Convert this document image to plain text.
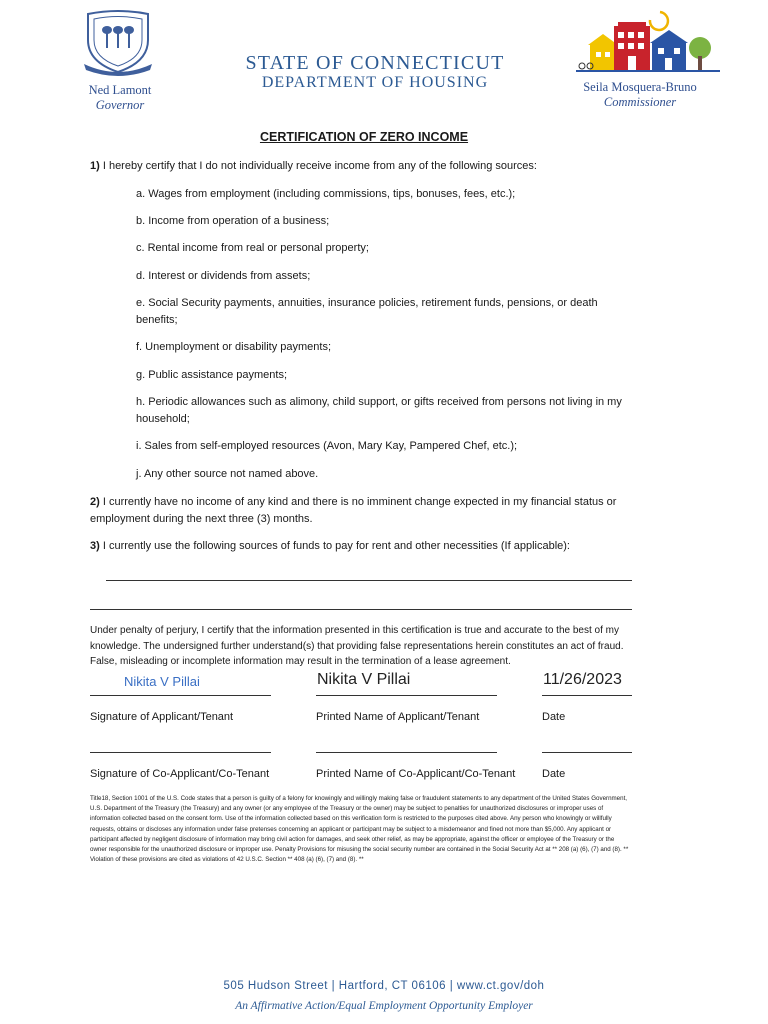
Ned Lamont
Governor
STATE OF CONNECTICUT
DEPARTMENT OF HOUSING	Seila Mosquera-Bruno
Commissioner
CERTIFICATION OF ZERO INCOME
1) I hereby certify that I do not individually receive income from any of the following sources:
a. Wages from employment (including commissions, tips, bonuses, fees, etc.);
b. Income from operation of a business;
c. Rental income from real or personal property;
d. Interest or dividends from assets;
e. Social Security payments, annuities, insurance policies, retirement funds, pensions, or death benefits;
f. Unemployment or disability payments;
g. Public assistance payments;
h. Periodic allowances such as alimony, child support, or gifts received from persons not living in my household;
i. Sales from self-employed resources (Avon, Mary Kay, Pampered Chef, etc.);
j. Any other source not named above.
2) I currently have no income of any kind and there is no imminent change expected in my financial status or employment during the next three (3) months.
3) I currently use the following sources of funds to pay for rent and other necessities (If applicable):
Under penalty of perjury, I certify that the information presented in this certification is true and accurate to the best of my knowledge. The undersigned further understand(s) that providing false representations herein constitutes an act of fraud. False, misleading or incomplete information may result in the termination of a lease agreement.
Nikita V Pillai	Nikita V Pillai	11/26/2023
Signature of Applicant/Tenant	Printed Name of Applicant/Tenant	Date
Signature of Co-Applicant/Co-Tenant	Printed Name of Co-Applicant/Co-Tenant Date
Title18, Section 1001 of the U.S. Code states that a person is guilty of a felony for knowingly and willingly making false or fraudulent statements to any department of the United States Government, U.S. Department of the Treasury (the Treasury) and any owner (or any employee of the Treasury or the owner) may be subject to penalties for unauthorized disclosures or improper uses of information collected based on the consent form. Use of the information collected based on this verification form is restricted to the purposes cited above. Any person who knowingly or willfully requests, obtains or discloses any information under false pretenses concerning an applicant or participant may be subject to a misdemeanor and fined not more than $5,000. Any applicant or participant affected by negligent disclosure of information may bring civil action for damages, and seek other relief, as may be appropriate, against the officer or employee of the Treasury or the owner responsible for the unauthorized disclosure or improper use. Penalty Provisions for misusing the social security number are contained in the Social Security Act at ** 208 (a) (6), (7) and (8). ** Violation of these provisions are cited as violations of 42 U.S.C. Section ** 408 (a) (6), (7) and (8). **
505 Hudson Street | Hartford, CT 06106 | www.ct.gov/doh
An Affirmative Action/Equal Employment Opportunity Employer
